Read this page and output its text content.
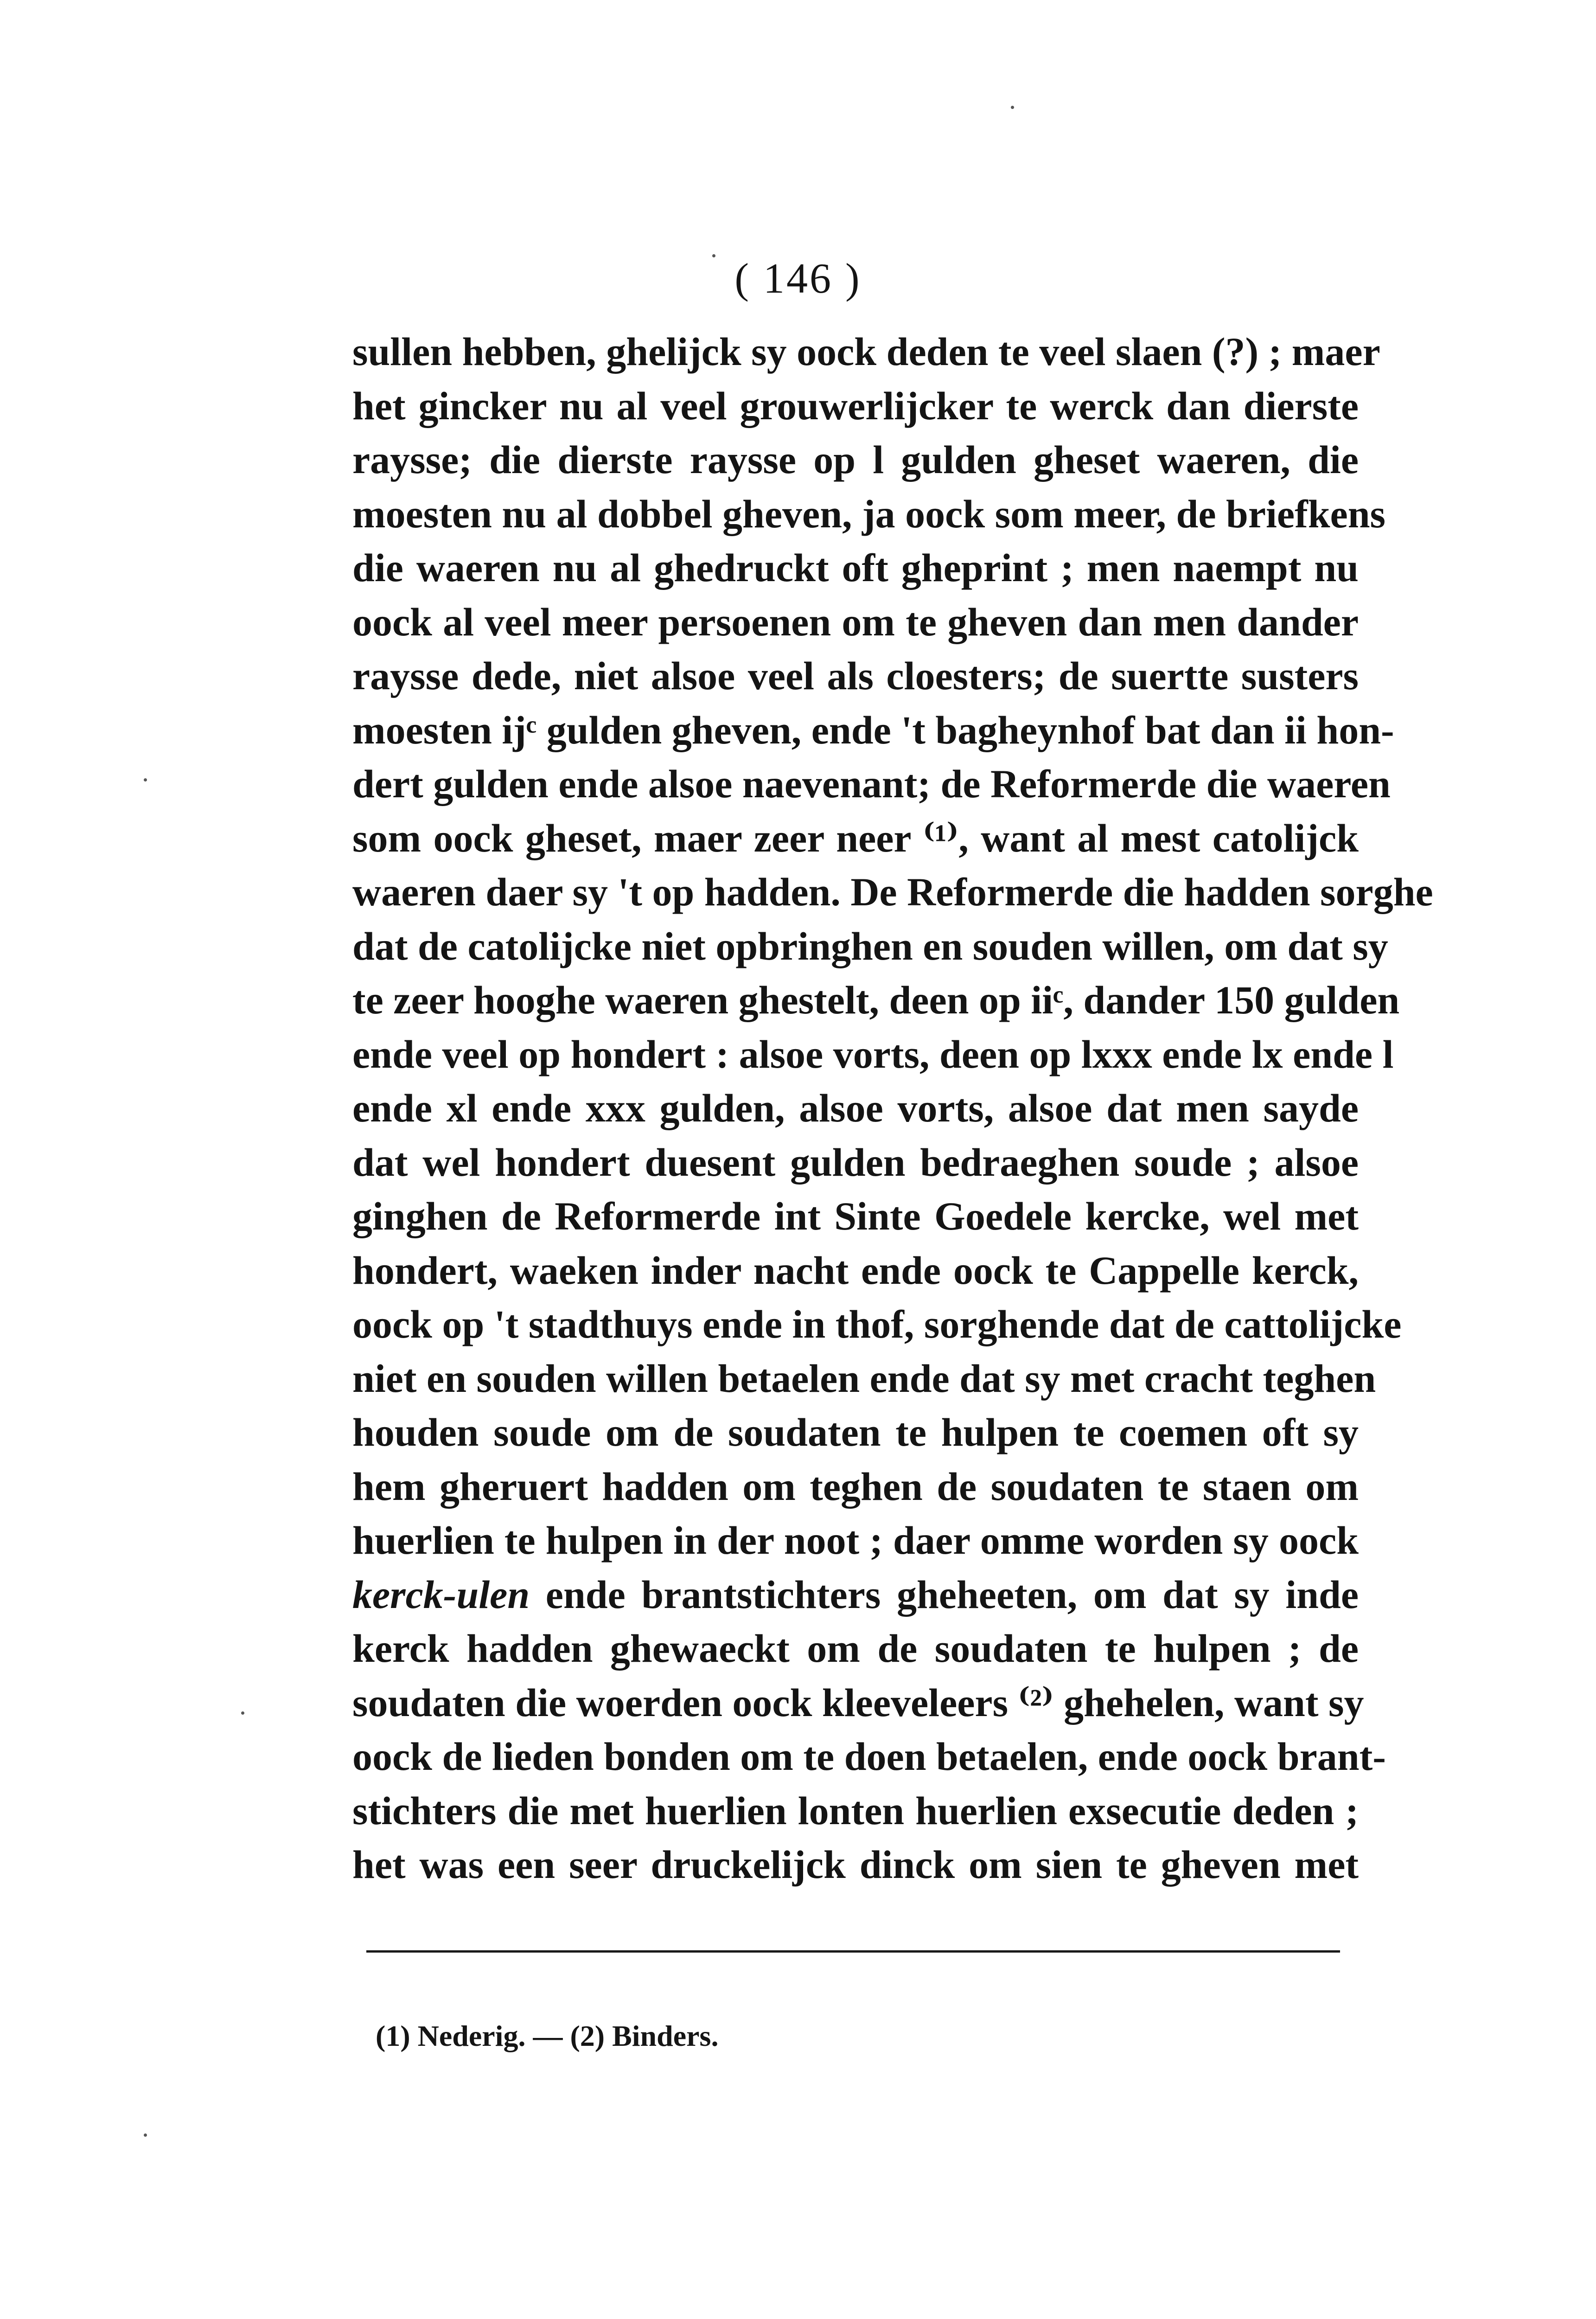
( 146 )
sullen hebben, ghelijck sy oock deden te veel slaen (?) ; maer
het gincker nu al veel grouwerlijcker te werck dan dierste
raysse; die dierste raysse op l gulden gheset waeren, die
moesten nu al dobbel gheven, ja oock som meer, de briefkens
die waeren nu al ghedruckt oft gheprint ; men naempt nu
oock al veel meer persoenen om te gheven dan men dander
raysse dede, niet alsoe veel als cloesters; de suertte susters
moesten ijᶜ gulden gheven, ende 't bagheynhof bat dan ii hon-
dert gulden ende alsoe naevenant; de Reformerde die waeren
som oock gheset, maer zeer neer ⁽¹⁾, want al mest catolijck
waeren daer sy 't op hadden. De Reformerde die hadden sorghe
dat de catolijcke niet opbringhen en souden willen, om dat sy
te zeer hooghe waeren ghestelt, deen op iiᶜ, dander 150 gulden
ende veel op hondert : alsoe vorts, deen op lxxx ende lx ende l
ende xl ende xxx gulden, alsoe vorts, alsoe dat men sayde
dat wel hondert duesent gulden bedraeghen soude ; alsoe
ginghen de Reformerde int Sinte Goedele kercke, wel met
hondert, waeken inder nacht ende oock te Cappelle kerck,
oock op 't stadthuys ende in thof, sorghende dat de cattolijcke
niet en souden willen betaelen ende dat sy met cracht teghen
houden soude om de soudaten te hulpen te coemen oft sy
hem gheruert hadden om teghen de soudaten te staen om
huerlien te hulpen in der noot ; daer omme worden sy oock
kerck-ulen ende brantstichters gheheeten, om dat sy inde
kerck hadden ghewaeckt om de soudaten te hulpen ; de
soudaten die woerden oock kleeveleers ⁽²⁾ ghehelen, want sy
oock de lieden bonden om te doen betaelen, ende oock brant-
stichters die met huerlien lonten huerlien exsecutie deden ;
het was een seer druckelijck dinck om sien te gheven met
(1) Nederig. — (2) Binders.
